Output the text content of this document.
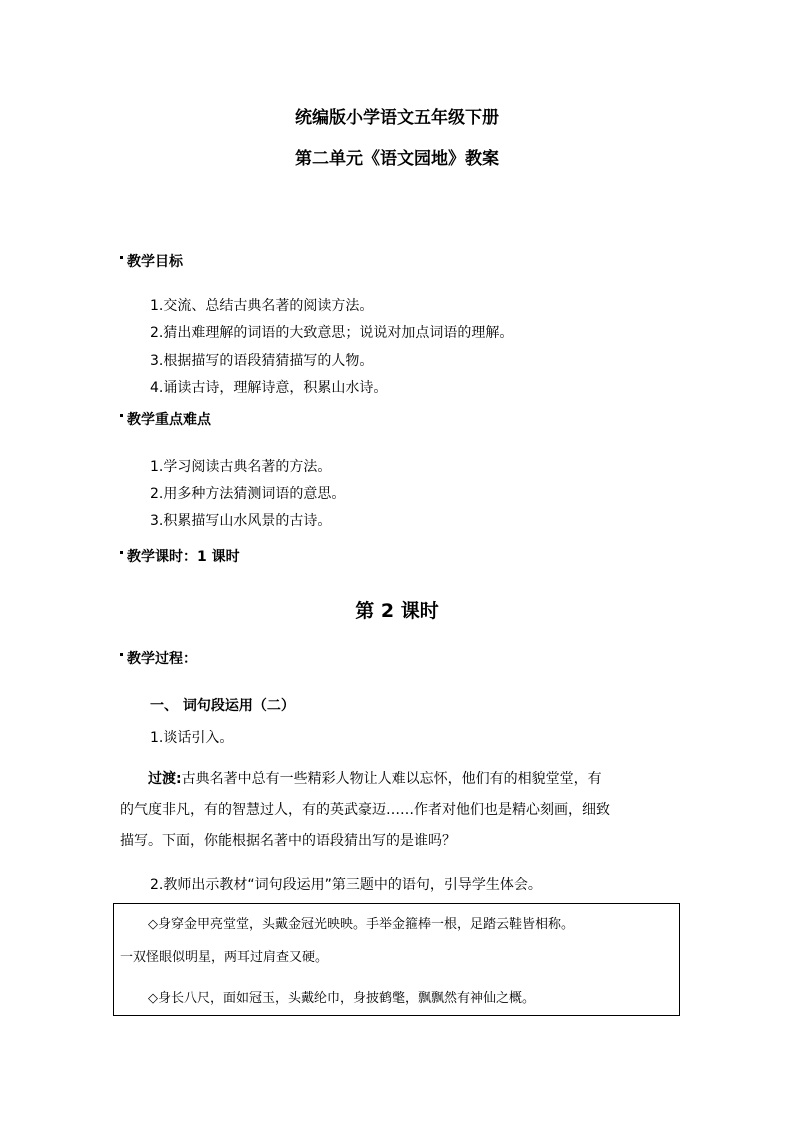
统编版小学语文五年级下册
第二单元《语文园地》教案
教学目标
1.交流、总结古典名著的阅读方法。
2.猜出难理解的词语的大致意思；说说对加点词语的理解。
3.根据描写的语段猜猜描写的人物。
4.诵读古诗，理解诗意，积累山水诗。
教学重点难点
1.学习阅读古典名著的方法。
2.用多种方法猜测词语的意思。
3.积累描写山水风景的古诗。
教学课时：1 课时
第 2 课时
教学过程：
一、 词句段运用（二）
1.谈话引入。
过渡:古典名著中总有一些精彩人物让人难以忘怀，他们有的相貌堂堂，有
的气度非凡，有的智慧过人，有的英武豪迈……作者对他们也是精心刻画，细致
描写。下面，你能根据名著中的语段猜出写的是谁吗？
2.教师出示教材“词句段运用”第三题中的语句，引导学生体会。
◇身穿金甲亮堂堂，头戴金冠光映映。手举金箍棒一根，足踏云鞋皆相称。
一双怪眼似明星，两耳过肩查又硬。
◇身长八尺，面如冠玉，头戴纶巾，身披鹤氅，飘飘然有神仙之概。
